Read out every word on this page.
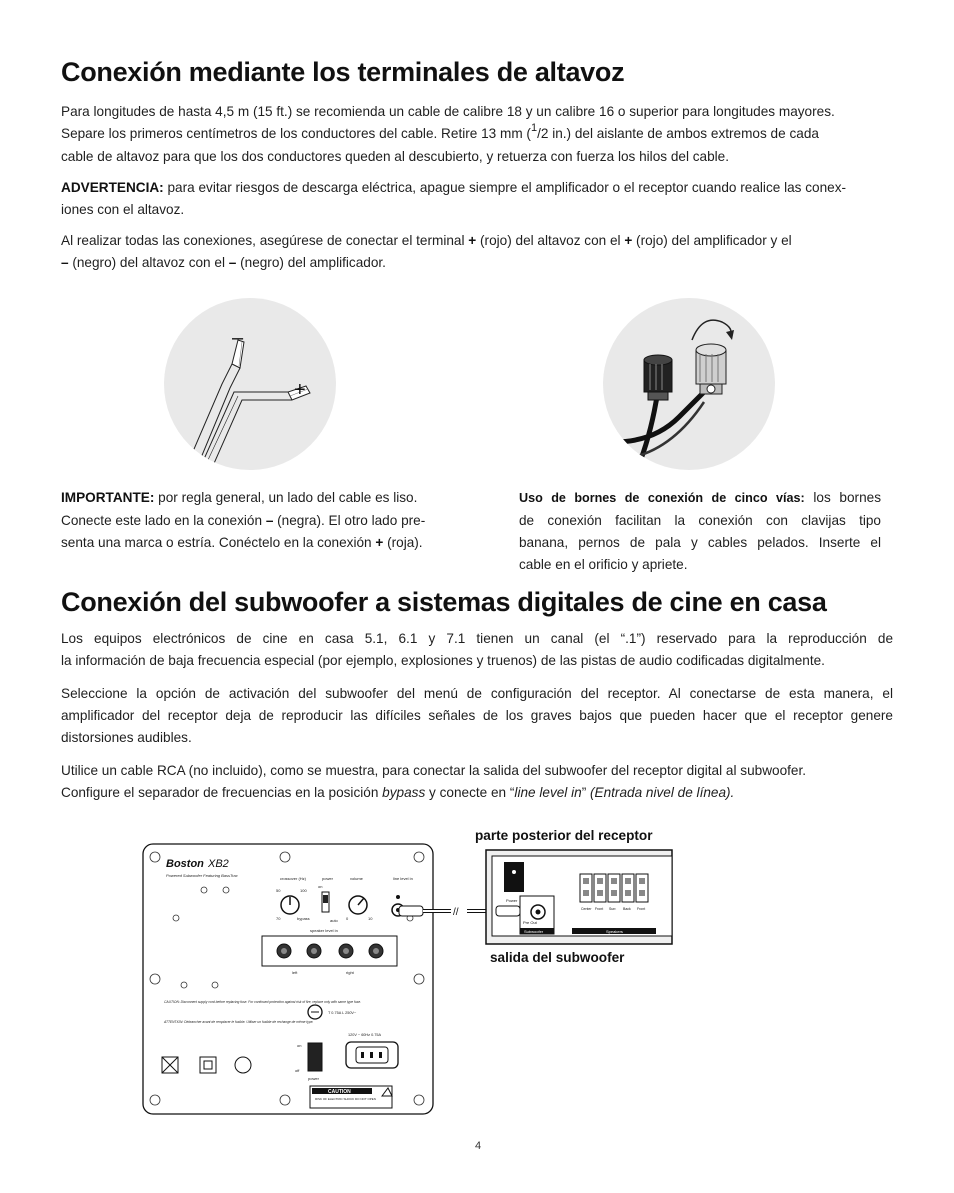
Conexión mediante los terminales de altavoz

Para longitudes de hasta 4,5 m (15 ft.) se recomienda un cable de calibre 18 y un calibre 16 o superior para longitudes mayores.
Separe los primeros centímetros de los conductores del cable. Retire 13 mm ($^1$/2 in.) del aislante de ambos extremos de cada
cable de altavoz para que los dos conductores queden al descubierto, y retuerza con fuerza los hilos del cable.

ADVERTENCIA: para evitar riesgos de descarga eléctrica, apague siempre el amplificador o el receptor cuando realice las conex-
iones con el altavoz.

Al realizar todas las conexiones, asegúrese de conectar el terminal + (rojo) del altavoz con el + (rojo) del amplificador y el
– (negro) del altavoz con el – (negro) del amplificador.

–
+

IMPORTANTE: por regla general, un lado del cable es liso.
Conecte este lado en la conexión – (negra). El otro lado pre-
senta una marca o estría. Conéctelo en la conexión + (roja).

Uso de bornes de conexión de cinco vías: los bornes
de conexión facilitan la conexión con clavijas tipo
banana, pernos de pala y cables pelados. Inserte el

cable en el orificio y apriete.

Conexión del subwoofer a sistemas digitales de cine en casa

Los equipos electrónicos de cine en casa 5.1, 6.1 y 7.1 tienen un canal (el “.1”) reservado para la reproducción de

la información de baja frecuencia especial (por ejemplo, explosiones y truenos) de las pistas de audio codificadas digitalmente.

Seleccione la opción de activación del subwoofer del menú de configuración del receptor. Al conectarse de esta manera, el
amplificador del receptor deja de reproducir las difíciles señales de los graves bajos que pueden hacer que el receptor genere

distorsiones audibles.

Utilice un cable RCA (no incluido), como se muestra, para conectar la salida del subwoofer del receptor digital al subwoofer.
Configure el separador de frecuencias en la posición bypass y conecte en “line level in” (Entrada nivel de línea).

Boston XB2
Powered Subwoofer Featuring BassTrac
crossover (Hz)	power	volume	line level in
50	100
70	bypass
on
auto 0	10
speaker level in
left	right
CAUTION: Disconnect supply cord before replacing fuse. For continued protection against risk of fire, replace only with same type fuse.
ATTENTION: Débrancher avant de remplacer le fusible. Utiliser un fusible de rechange de même type.
T 0.75A L 250V~
120V ~ 60Hz 0.75A
on
off
power
CAUTION
RISK OF ELECTRIC SHOCK DO NOT OPEN
//
parte posterior del receptor
Power
Pre Out
Subwoofer
Center Front Surr. Back Front
Speakers
salida del subwoofer
4
